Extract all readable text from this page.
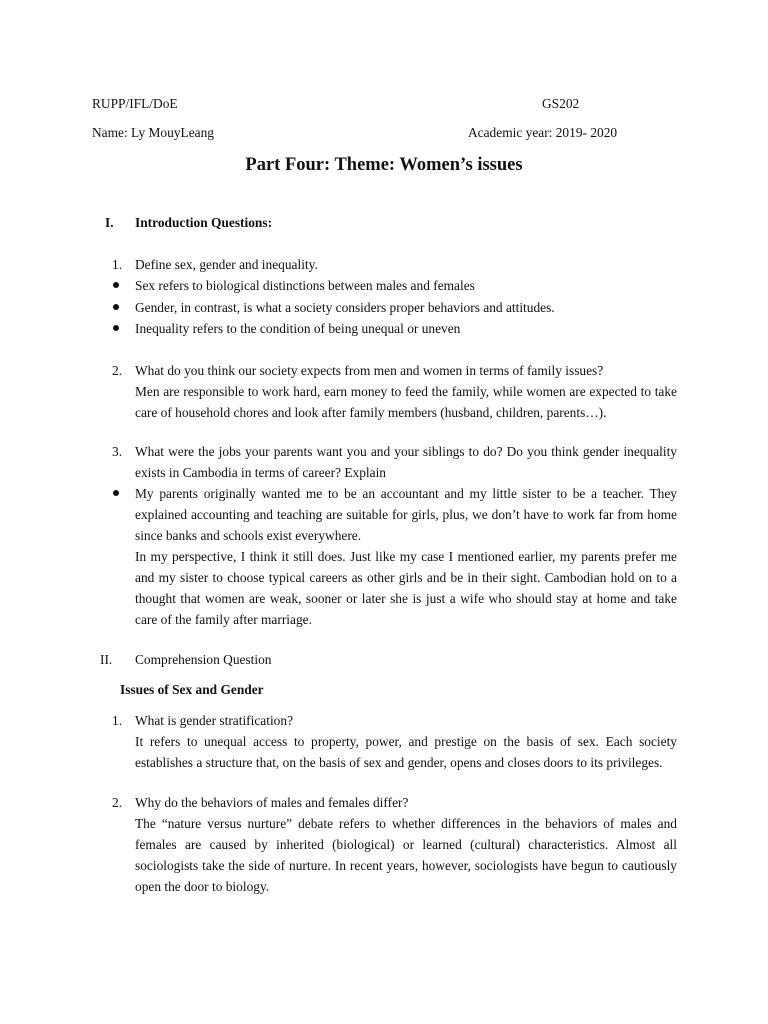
RUPP/IFL/DoE	GS202
Name: Ly MouyLeang	Academic year: 2019- 2020
Part Four: Theme: Women’s issues
I. Introduction Questions:
1. Define sex, gender and inequality.
Sex refers to biological distinctions between males and females
Gender, in contrast, is what a society considers proper behaviors and attitudes.
Inequality refers to the condition of being unequal or uneven
2. What do you think our society expects from men and women in terms of family issues?
Men are responsible to work hard, earn money to feed the family, while women are expected to take care of household chores and look after family members (husband, children, parents…).
3. What were the jobs your parents want you and your siblings to do? Do you think gender inequality exists in Cambodia in terms of career? Explain
My parents originally wanted me to be an accountant and my little sister to be a teacher. They explained accounting and teaching are suitable for girls, plus, we don’t have to work far from home since banks and schools exist everywhere.
In my perspective, I think it still does. Just like my case I mentioned earlier, my parents prefer me and my sister to choose typical careers as other girls and be in their sight. Cambodian hold on to a thought that women are weak, sooner or later she is just a wife who should stay at home and take care of the family after marriage.
II. Comprehension Question
Issues of Sex and Gender
1. What is gender stratification?
It refers to unequal access to property, power, and prestige on the basis of sex. Each society establishes a structure that, on the basis of sex and gender, opens and closes doors to its privileges.
2. Why do the behaviors of males and females differ?
The “nature versus nurture” debate refers to whether differences in the behaviors of males and females are caused by inherited (biological) or learned (cultural) characteristics. Almost all sociologists take the side of nurture. In recent years, however, sociologists have begun to cautiously open the door to biology.
